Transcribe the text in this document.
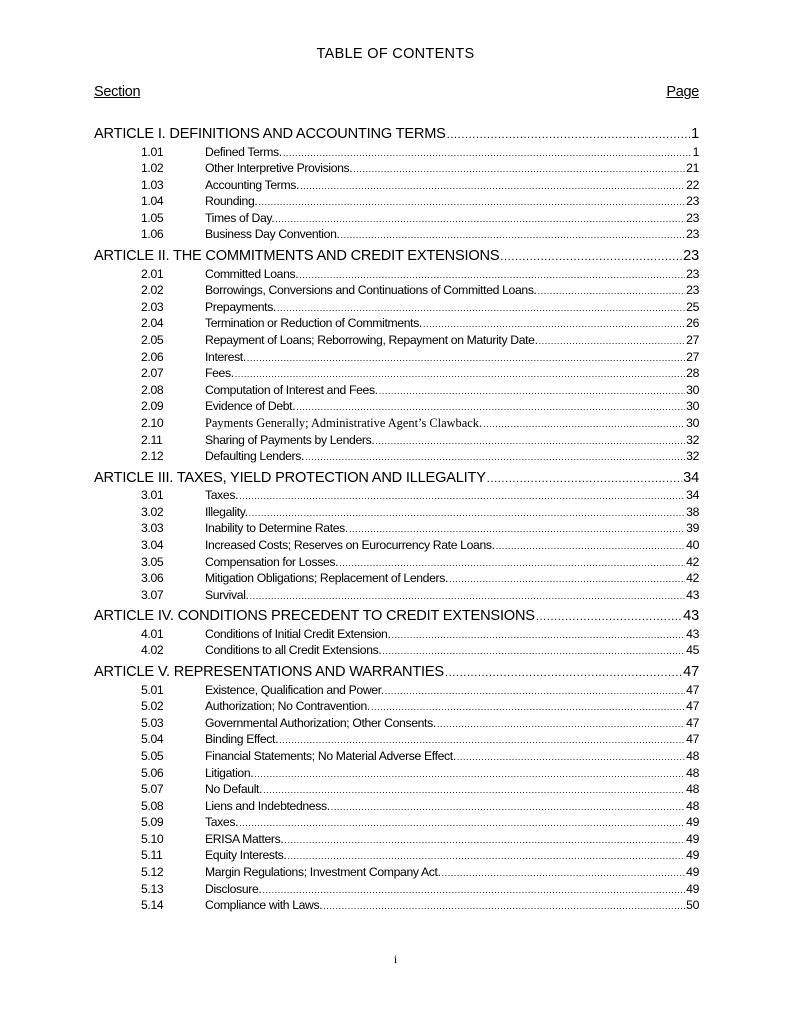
TABLE OF CONTENTS
Section	Page
ARTICLE I. DEFINITIONS AND ACCOUNTING TERMS .....	1
1.01	Defined Terms. .....	1
1.02	Other Interpretive Provisions. .....	21
1.03	Accounting Terms. .....	22
1.04	Rounding. .....	23
1.05	Times of Day. .....	23
1.06	Business Day Convention. .....	23
ARTICLE II. THE COMMITMENTS AND CREDIT EXTENSIONS .....	23
2.01	Committed Loans. .....	23
2.02	Borrowings, Conversions and Continuations of Committed Loans. .....	23
2.03	Prepayments. .....	25
2.04	Termination or Reduction of Commitments. .....	26
2.05	Repayment of Loans; Reborrowing, Repayment on Maturity Date. .....	27
2.06	Interest. .....	27
2.07	Fees. .....	28
2.08	Computation of Interest and Fees. .....	30
2.09	Evidence of Debt. .....	30
2.10	Payments Generally; Administrative Agent’s Clawback. .....	30
2.11	Sharing of Payments by Lenders. .....	32
2.12	Defaulting Lenders. .....	32
ARTICLE III. TAXES, YIELD PROTECTION AND ILLEGALITY .....	34
3.01	Taxes. .....	34
3.02	Illegality. .....	38
3.03	Inability to Determine Rates. .....	39
3.04	Increased Costs; Reserves on Eurocurrency Rate Loans. .....	40
3.05	Compensation for Losses. .....	42
3.06	Mitigation Obligations; Replacement of Lenders. .....	42
3.07	Survival. .....	43
ARTICLE IV. CONDITIONS PRECEDENT TO CREDIT EXTENSIONS .....	43
4.01	Conditions of Initial Credit Extension. .....	43
4.02	Conditions to all Credit Extensions. .....	45
ARTICLE V. REPRESENTATIONS AND WARRANTIES .....	47
5.01	Existence, Qualification and Power. .....	47
5.02	Authorization; No Contravention. .....	47
5.03	Governmental Authorization; Other Consents. .....	47
5.04	Binding Effect. .....	47
5.05	Financial Statements; No Material Adverse Effect. .....	48
5.06	Litigation. .....	48
5.07	No Default. .....	48
5.08	Liens and Indebtedness. .....	48
5.09	Taxes. .....	49
5.10	ERISA Matters. .....	49
5.11	Equity Interests. .....	49
5.12	Margin Regulations; Investment Company Act. .....	49
5.13	Disclosure. .....	49
5.14	Compliance with Laws. .....	50
i
